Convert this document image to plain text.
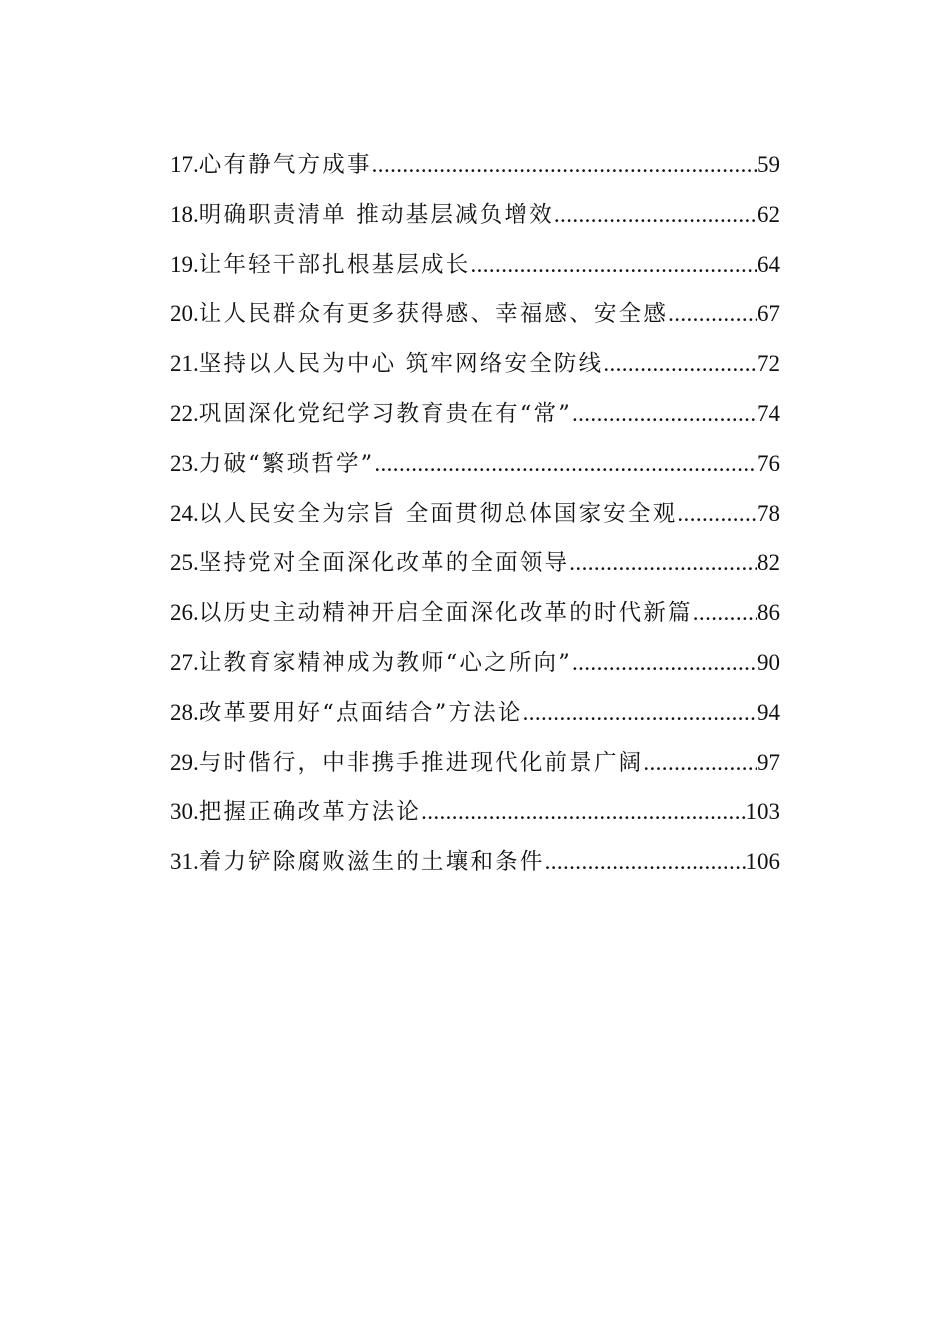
17. 心有静气方成事 .....	59
18. 明确职责清单 推动基层减负增效 .....	62
19. 让年轻干部扎根基层成长 .....	64
20. 让人民群众有更多获得感、幸福感、安全感 .....	67
21. 坚持以人民为中心 筑牢网络安全防线 .....	72
22. 巩固深化党纪学习教育贵在有“常” .....	74
23. 力破“繁琐哲学” .....	76
24. 以人民安全为宗旨 全面贯彻总体国家安全观 .....	78
25. 坚持党对全面深化改革的全面领导 .....	82
26. 以历史主动精神开启全面深化改革的时代新篇 .....	86
27. 让教育家精神成为教师“心之所向” .....	90
28. 改革要用好“点面结合”方法论 .....	94
29. 与时偕行，中非携手推进现代化前景广阔 .....	97
30. 把握正确改革方法论 .....	103
31. 着力铲除腐败滋生的土壤和条件 .....	106
